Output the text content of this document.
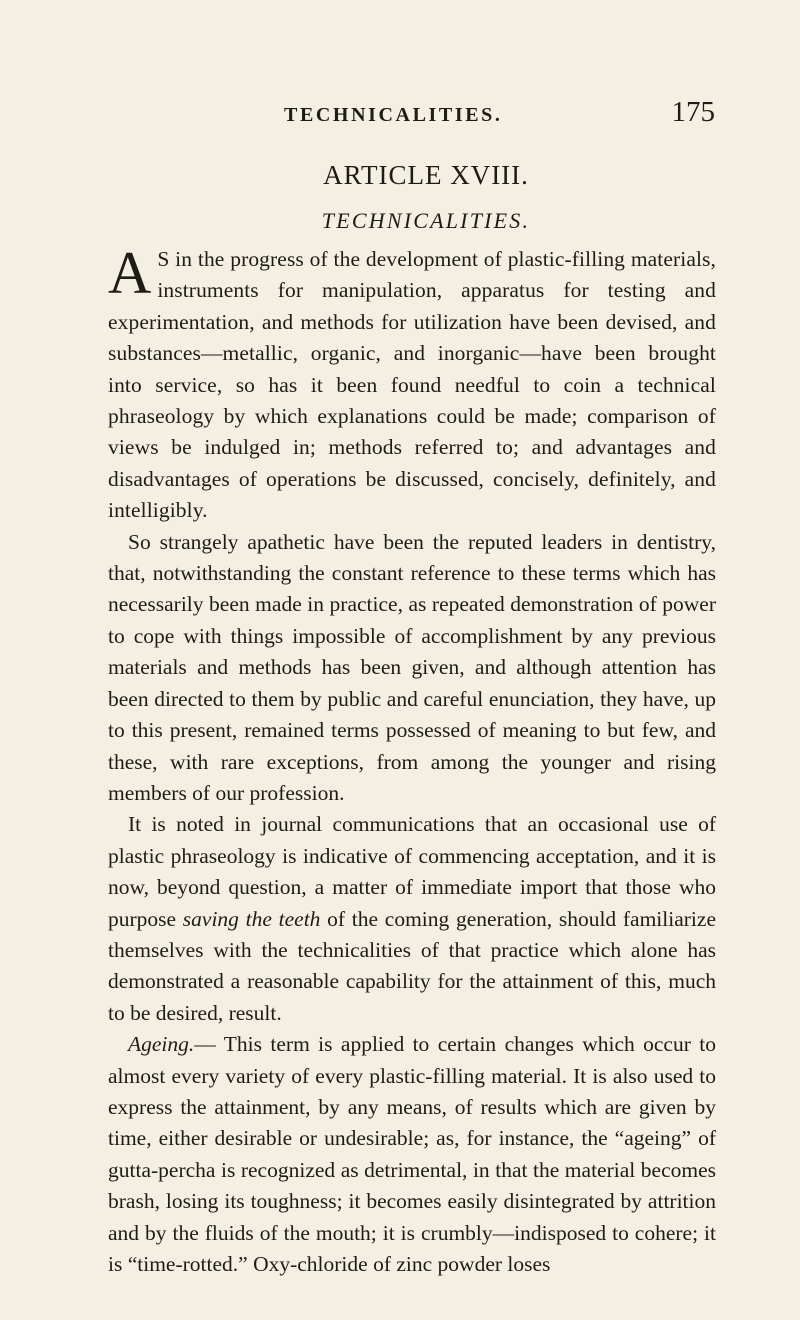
TECHNICALITIES.	175
ARTICLE XVIII.
TECHNICALITIES.

A S in the progress of the development of plastic-filling materials, instruments for manipulation, apparatus for testing and experimentation, and methods for utilization have been devised, and substances—metallic, organic, and inorganic—have been brought into service, so has it been found needful to coin a technical phraseology by which explanations could be made; comparison of views be indulged in; methods referred to; and advantages and disadvantages of operations be discussed, concisely, definitely, and intelligibly.

So strangely apathetic have been the reputed leaders in dentistry, that, notwithstanding the constant reference to these terms which has necessarily been made in practice, as repeated demonstration of power to cope with things impossible of accomplishment by any previous materials and methods has been given, and although attention has been directed to them by public and careful enunciation, they have, up to this present, remained terms possessed of meaning to but few, and these, with rare exceptions, from among the younger and rising members of our profession.

It is noted in journal communications that an occasional use of plastic phraseology is indicative of commencing acceptation, and it is now, beyond question, a matter of immediate import that those who purpose saving the teeth of the coming generation, should familiarize themselves with the technicalities of that practice which alone has demonstrated a reasonable capability for the attainment of this, much to be desired, result.

Ageing.— This term is applied to certain changes which occur to almost every variety of every plastic-filling material. It is also used to express the attainment, by any means, of results which are given by time, either desirable or undesirable; as, for instance, the “ageing” of gutta-percha is recognized as detrimental, in that the material becomes brash, losing its toughness; it becomes easily disintegrated by attrition and by the fluids of the mouth; it is crumbly—indisposed to cohere; it is “time-rotted.” Oxy-chloride of zinc powder loses
